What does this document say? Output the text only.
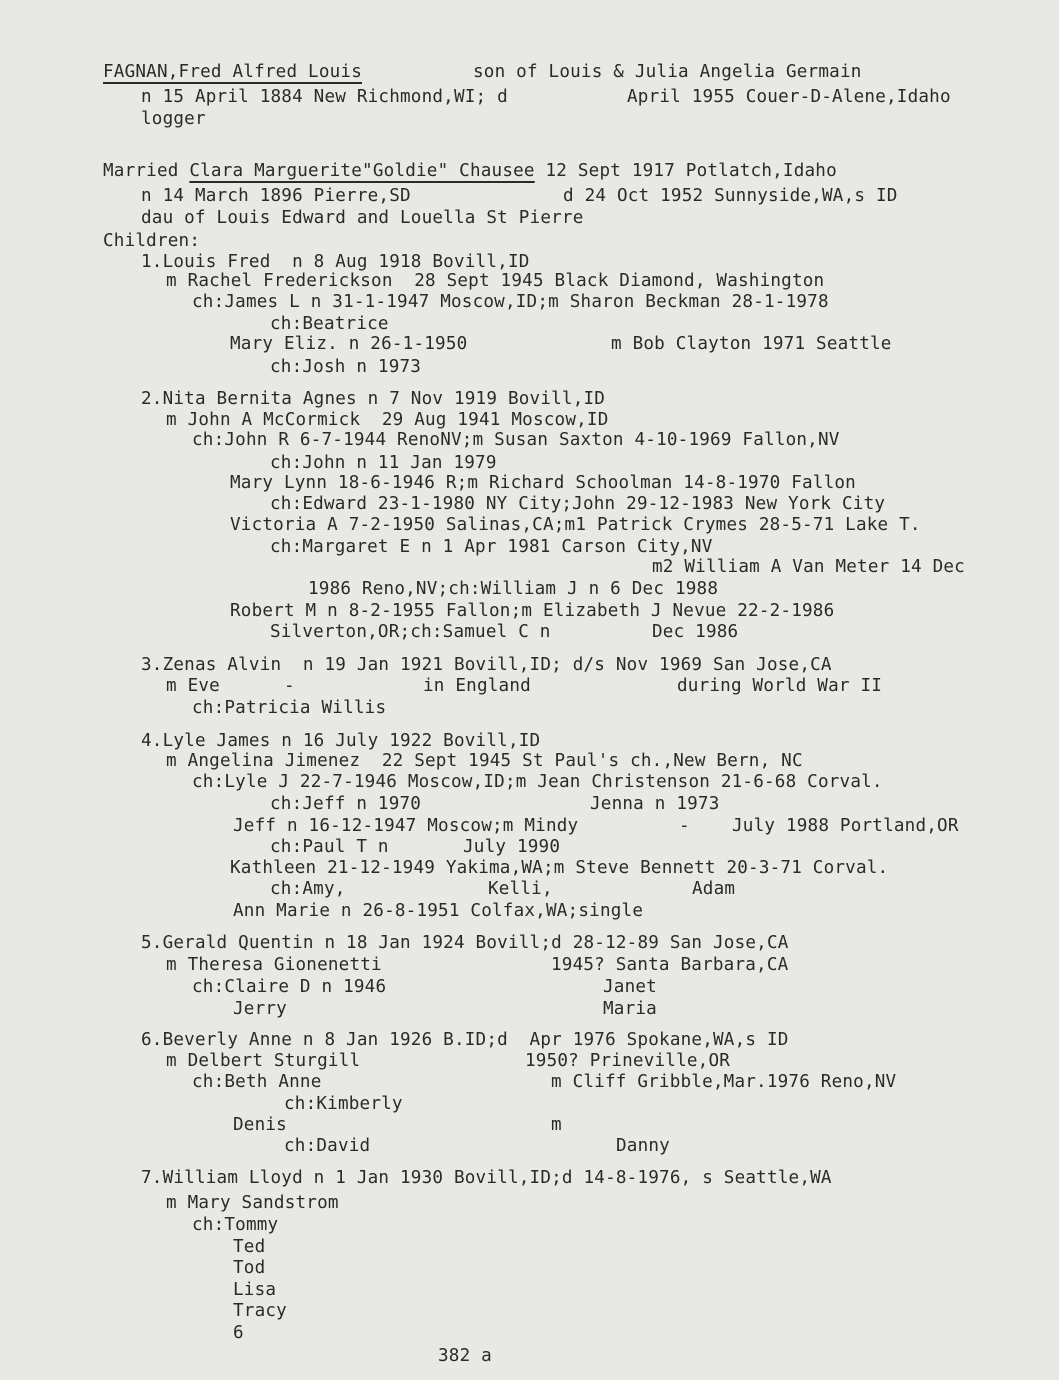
FAGNAN,Fred Alfred Louis	son of Louis & Julia Angelia Germain
n 15 April 1884 New Richmond,WI; d	April 1955 Couer-D-Alene,Idaho
logger
Married Clara Marguerite"Goldie" Chausee 12 Sept 1917 Potlatch,Idaho
n 14 March 1896 Pierre,SD	d 24 Oct 1952 Sunnyside,WA,s ID
dau of Louis Edward and Louella St Pierre
Children:
1.Louis Fred  n 8 Aug 1918 Bovill,ID
m Rachel Frederickson  28 Sept 1945 Black Diamond, Washington
ch:James L n 31-1-1947 Moscow,ID;m Sharon Beckman 28-1-1978
ch:Beatrice
Mary Eliz. n 26-1-1950	m Bob Clayton 1971 Seattle
ch:Josh n 1973
2.Nita Bernita Agnes n 7 Nov 1919 Bovill,ID
m John A McCormick  29 Aug 1941 Moscow,ID
ch:John R 6-7-1944 RenoNV;m Susan Saxton 4-10-1969 Fallon,NV
ch:John n 11 Jan 1979
Mary Lynn 18-6-1946 R;m Richard Schoolman 14-8-1970 Fallon
ch:Edward 23-1-1980 NY City;John 29-12-1983 New York City
Victoria A 7-2-1950 Salinas,CA;m1 Patrick Crymes 28-5-71 Lake T.
ch:Margaret E n 1 Apr 1981 Carson City,NV
m2 William A Van Meter 14 Dec
1986 Reno,NV;ch:William J n 6 Dec 1988
Robert M n 8-2-1955 Fallon;m Elizabeth J Nevue 22-2-1986
Silverton,OR;ch:Samuel C n	Dec 1986
3.Zenas Alvin  n 19 Jan 1921 Bovill,ID; d/s Nov 1969 San Jose,CA
m Eve	-	in England	during World War II
ch:Patricia Willis
4.Lyle James n 16 July 1922 Bovill,ID
m Angelina Jimenez  22 Sept 1945 St Paul's ch.,New Bern, NC
ch:Lyle J 22-7-1946 Moscow,ID;m Jean Christenson 21-6-68 Corval.
ch:Jeff n 1970	Jenna n 1973
Jeff n 16-12-1947 Moscow;m Mindy	- July 1988 Portland,OR
ch:Paul T n	July 1990
Kathleen 21-12-1949 Yakima,WA;m Steve Bennett 20-3-71 Corval.
ch:Amy,	Kelli,	Adam
Ann Marie n 26-8-1951 Colfax,WA;single
5.Gerald Quentin n 18 Jan 1924 Bovill;d 28-12-89 San Jose,CA
m Theresa Gionenetti	1945? Santa Barbara,CA
ch:Claire D n 1946	Janet
Jerry	Maria
6.Beverly Anne n 8 Jan 1926 B.ID;d  Apr 1976 Spokane,WA,s ID
m Delbert Sturgill	1950? Prineville,OR
ch:Beth Anne	m Cliff Gribble,Mar.1976 Reno,NV
ch:Kimberly
Denis	m
ch:David	Danny
7.William Lloyd n 1 Jan 1930 Bovill,ID;d 14-8-1976, s Seattle,WA
m Mary Sandstrom
ch:Tommy
Ted
Tod
Lisa
Tracy
6
382 a
